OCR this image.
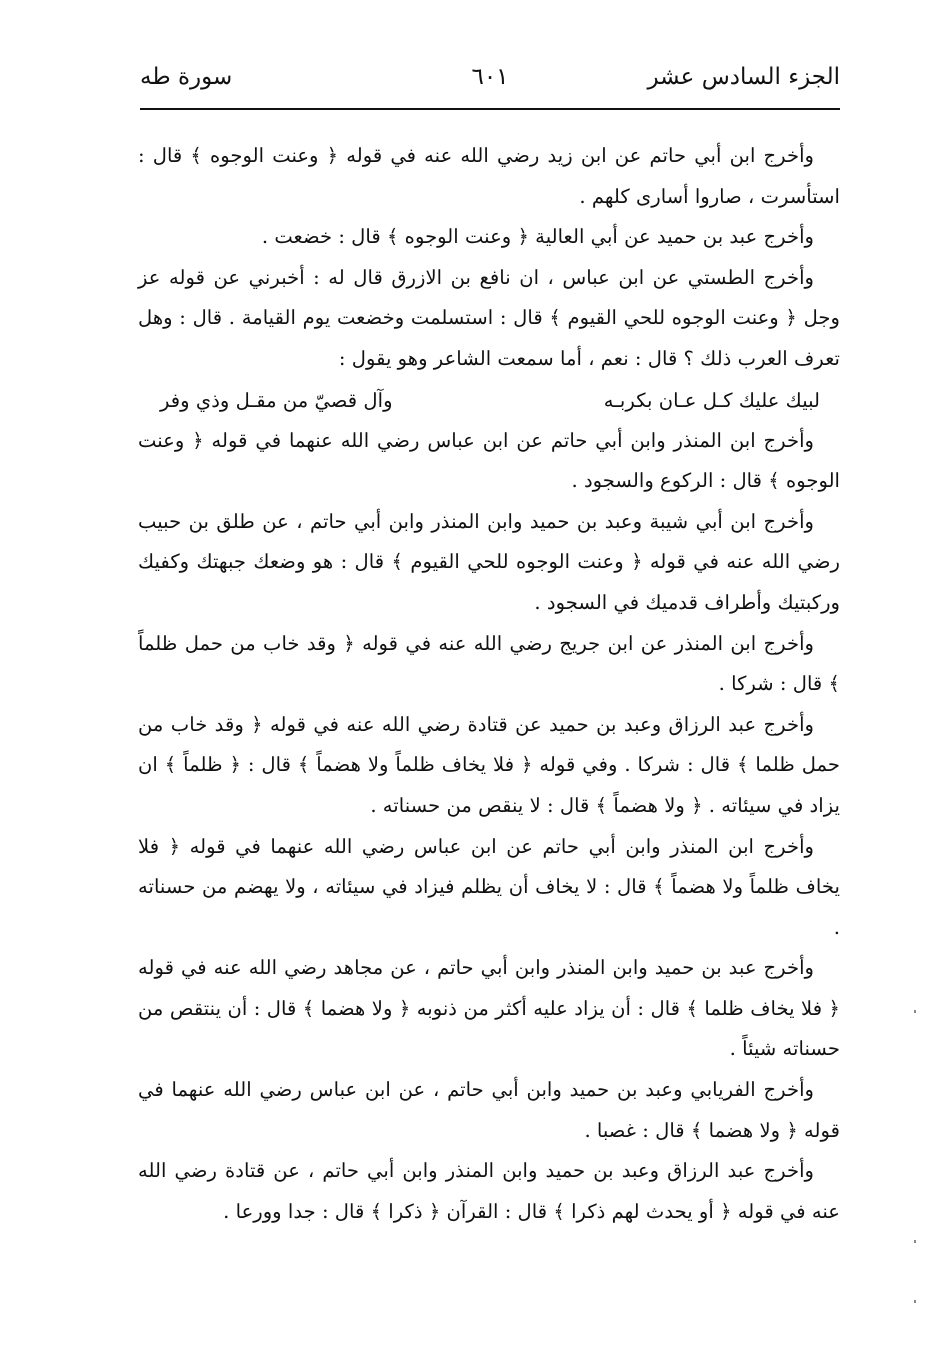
الجزء السادس عشر
٦٠١
سورة طه

وأخرج ابن أبي حاتم عن ابن زيد رضي الله عنه في قوله ﴿ وعنت الوجوه ﴾ قال : استأسرت ، صاروا أسارى كلهم .

وأخرج عبد بن حميد عن أبي العالية ﴿ وعنت الوجوه ﴾ قال : خضعت .

وأخرج الطستي عن ابن عباس ، ان نافع بن الازرق قال له : أخبرني عن قوله عز وجل ﴿ وعنت الوجوه للحي القيوم ﴾ قال : استسلمت وخضعت يوم القيامة . قال : وهل تعرف العرب ذلك ؟ قال : نعم ، أما سمعت الشاعر وهو يقول :

لبيك عليك كـل عـان بكربـه
وآل قصيّ من مقـل وذي وفر

وأخرج ابن المنذر وابن أبي حاتم عن ابن عباس رضي الله عنهما في قوله ﴿ وعنت الوجوه ﴾ قال : الركوع والسجود .

وأخرج ابن أبي شيبة وعبد بن حميد وابن المنذر وابن أبي حاتم ، عن طلق بن حبيب رضي الله عنه في قوله ﴿ وعنت الوجوه للحي القيوم ﴾ قال : هو وضعك جبهتك وكفيك وركبتيك وأطراف قدميك في السجود .

وأخرج ابن المنذر عن ابن جريج رضي الله عنه في قوله ﴿ وقد خاب من حمل ظلماً ﴾ قال : شركا .

وأخرج عبد الرزاق وعبد بن حميد عن قتادة رضي الله عنه في قوله ﴿ وقد خاب من حمل ظلما ﴾ قال : شركا . وفي قوله ﴿ فلا يخاف ظلماً ولا هضماً ﴾ قال : ﴿ ظلماً ﴾ ان يزاد في سيئاته . ﴿ ولا هضماً ﴾ قال : لا ينقص من حسناته .

وأخرج ابن المنذر وابن أبي حاتم عن ابن عباس رضي الله عنهما في قوله ﴿ فلا يخاف ظلماً ولا هضماً ﴾ قال : لا يخاف أن يظلم فيزاد في سيئاته ، ولا يهضم من حسناته .

وأخرج عبد بن حميد وابن المنذر وابن أبي حاتم ، عن مجاهد رضي الله عنه في قوله ﴿ فلا يخاف ظلما ﴾ قال : أن يزاد عليه أكثر من ذنوبه ﴿ ولا هضما ﴾ قال : أن ينتقص من حسناته شيئاً .

وأخرج الفريابي وعبد بن حميد وابن أبي حاتم ، عن ابن عباس رضي الله عنهما في قوله ﴿ ولا هضما ﴾ قال : غصبا .

وأخرج عبد الرزاق وعبد بن حميد وابن المنذر وابن أبي حاتم ، عن قتادة رضي الله عنه في قوله ﴿ أو يحدث لهم ذكرا ﴾ قال : القرآن ﴿ ذكرا ﴾ قال : جدا وورعا .
